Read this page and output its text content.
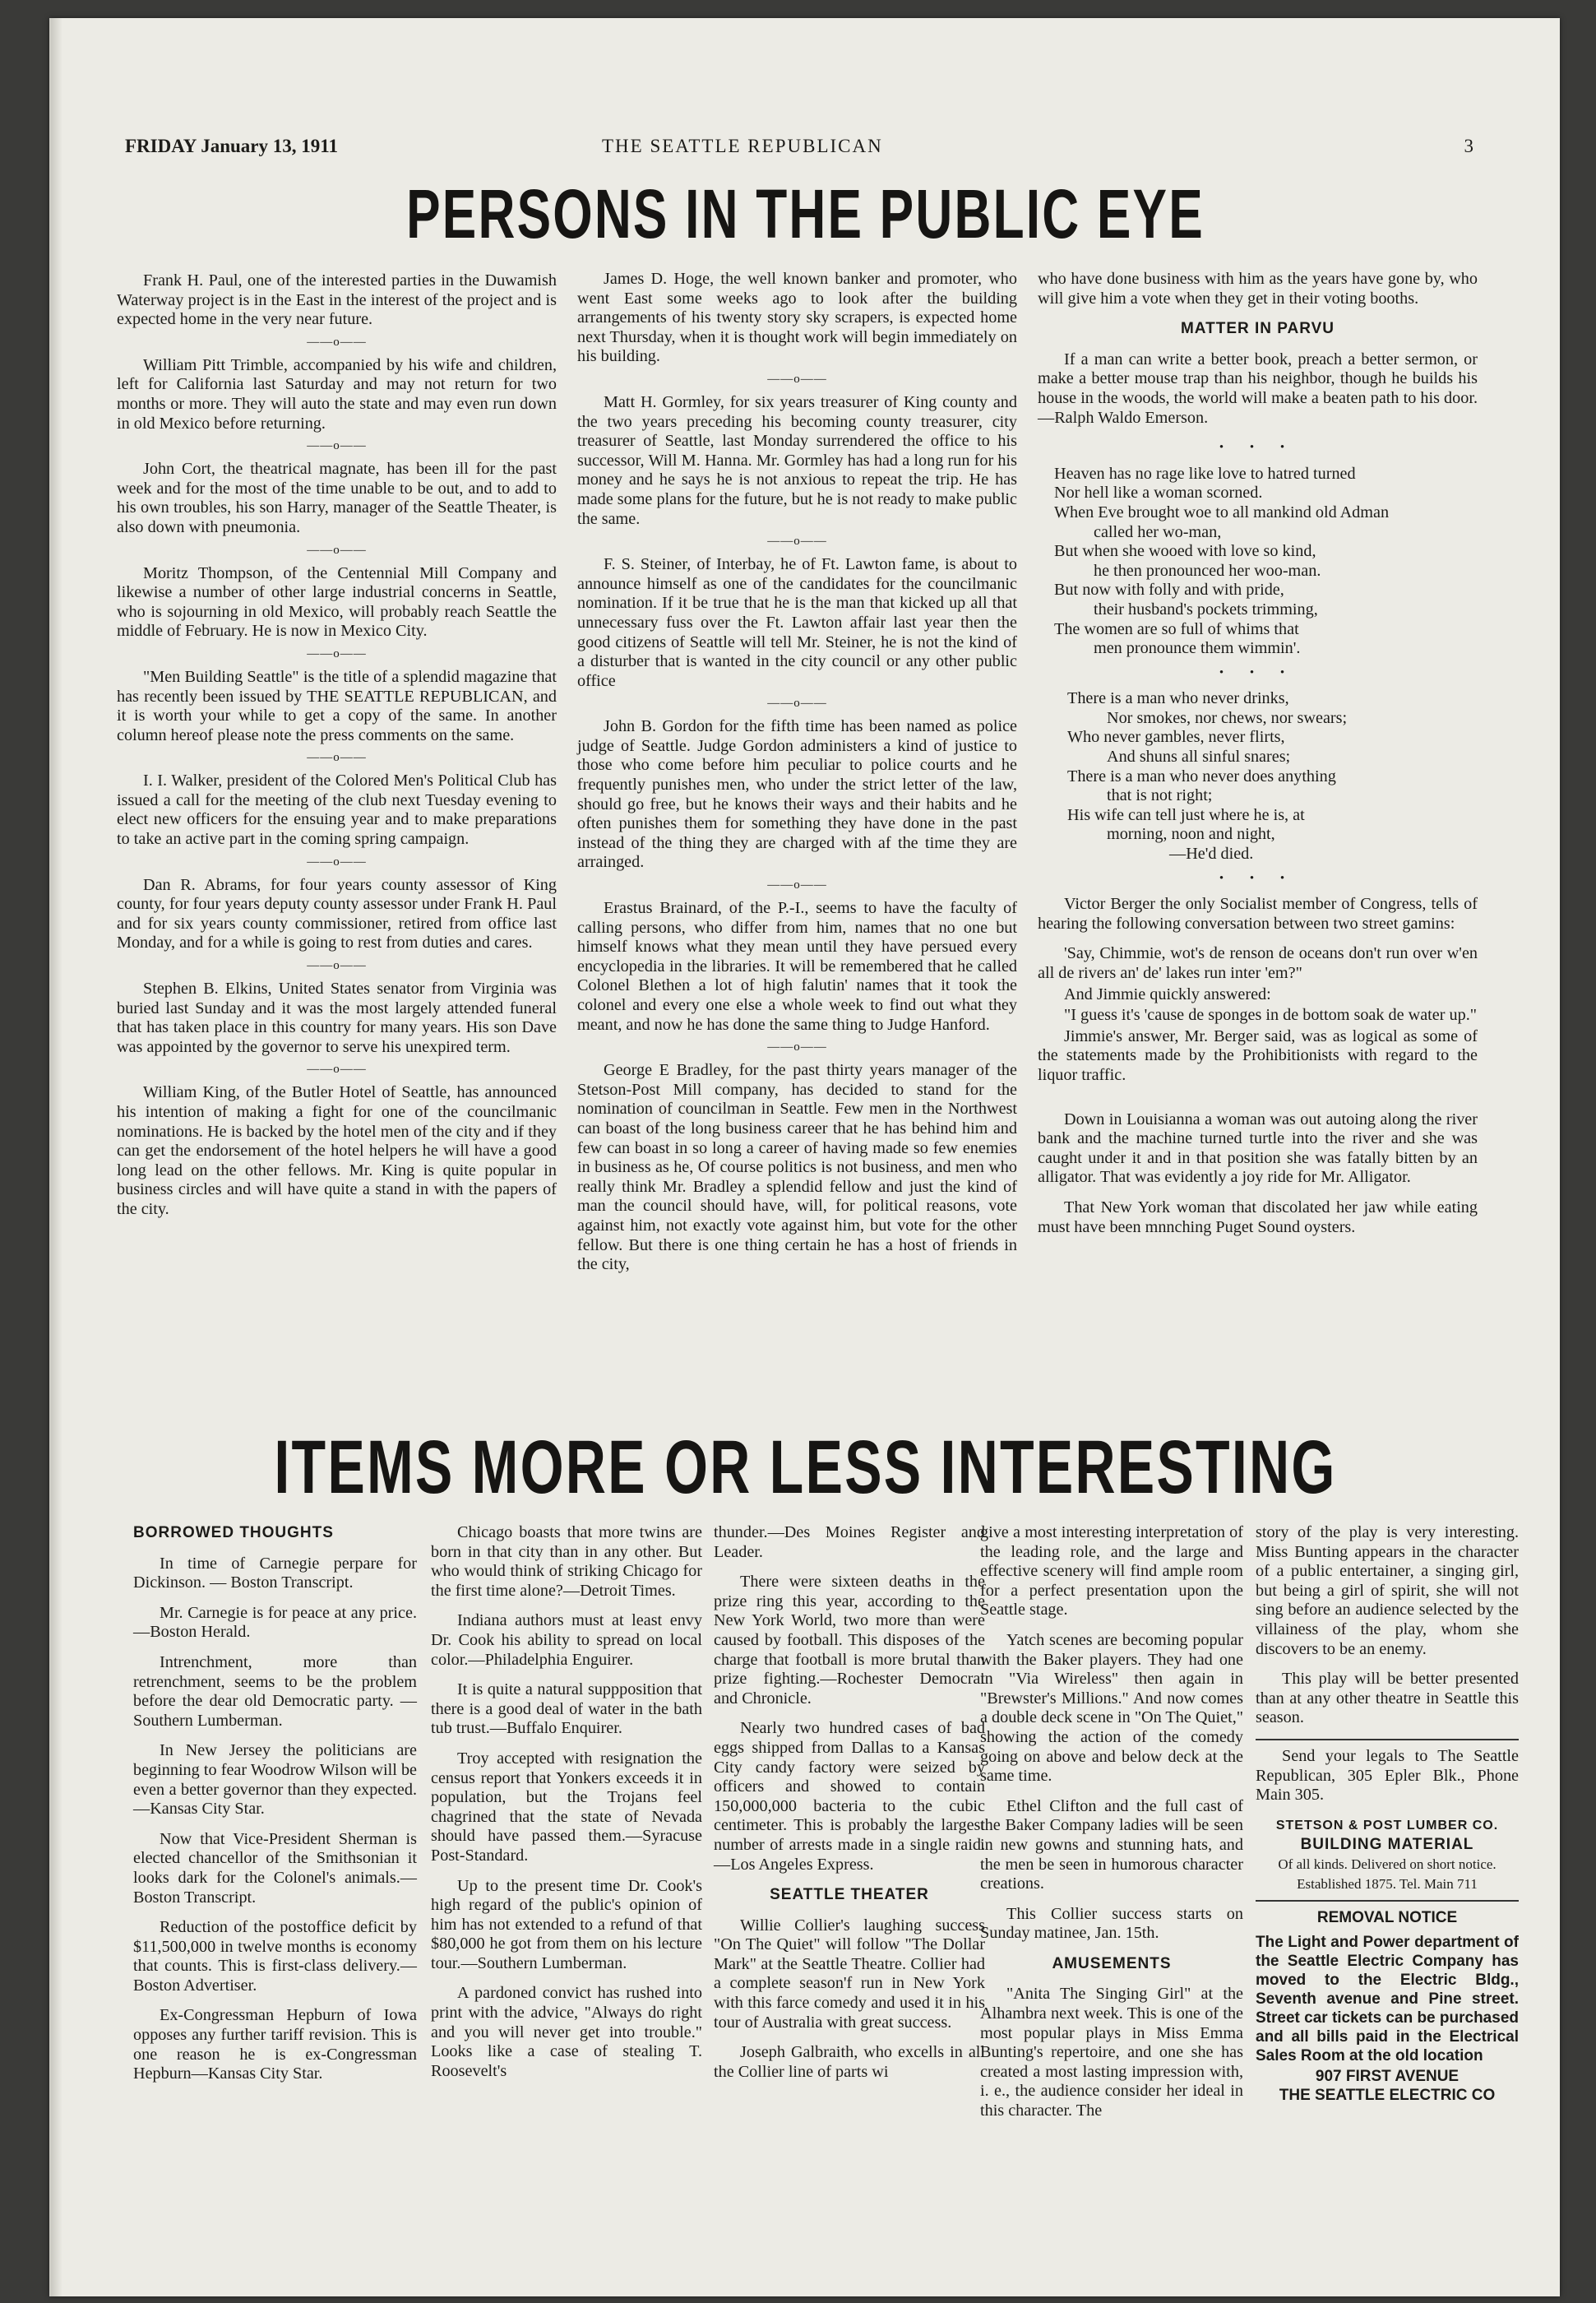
FRIDAY January 13, 1911	THE SEATTLE REPUBLICAN	3
PERSONS IN THE PUBLIC EYE

Frank H. Paul, one of the interested parties in the Duwamish Waterway project is in the East in the interest of the project and is expected home in the very near future.

——o——

William Pitt Trimble, accompanied by his wife and children, left for California last Saturday and may not return for two months or more. They will auto the state and may even run down in old Mexico before returning.

——o——

John Cort, the theatrical magnate, has been ill for the past week and for the most of the time unable to be out, and to add to his own troubles, his son Harry, manager of the Seattle Theater, is also down with pneumonia.

——o——

Moritz Thompson, of the Centennial Mill Company and likewise a number of other large industrial concerns in Seattle, who is sojourning in old Mexico, will probably reach Seattle the middle of February. He is now in Mexico City.

——o——

"Men Building Seattle" is the title of a splendid magazine that has recently been issued by THE SEATTLE REPUBLICAN, and it is worth your while to get a copy of the same. In another column hereof please note the press comments on the same.

——o——

I. I. Walker, president of the Colored Men's Political Club has issued a call for the meeting of the club next Tuesday evening to elect new officers for the ensuing year and to make preparations to take an active part in the coming spring campaign.

——o——

Dan R. Abrams, for four years county assessor of King county, for four years deputy county assessor under Frank H. Paul and for six years county commissioner, retired from office last Monday, and for a while is going to rest from duties and cares.

——o——

Stephen B. Elkins, United States senator from Virginia was buried last Sunday and it was the most largely attended funeral that has taken place in this country for many years. His son Dave was appointed by the governor to serve his unexpired term.

——o——

William King, of the Butler Hotel of Seattle, has announced his intention of making a fight for one of the councilmanic nominations. He is backed by the hotel men of the city and if they can get the endorsement of the hotel helpers he will have a good long lead on the other fellows. Mr. King is quite popular in business circles and will have quite a stand in with the papers of the city.

James D. Hoge, the well known banker and promoter, who went East some weeks ago to look after the building arrangements of his twenty story sky scrapers, is expected home next Thursday, when it is thought work will begin immediately on his building.

——o——

Matt H. Gormley, for six years treasurer of King county and the two years preceding his becoming county treasurer, city treasurer of Seattle, last Monday surrendered the office to his successor, Will M. Hanna. Mr. Gormley has had a long run for his money and he says he is not anxious to repeat the trip. He has made some plans for the future, but he is not ready to make public the same.

——o——

F. S. Steiner, of Interbay, he of Ft. Lawton fame, is about to announce himself as one of the candidates for the councilmanic nomination. If it be true that he is the man that kicked up all that unnecessary fuss over the Ft. Lawton affair last year then the good citizens of Seattle will tell Mr. Steiner, he is not the kind of a disturber that is wanted in the city council or any other public office

——o——

John B. Gordon for the fifth time has been named as police judge of Seattle. Judge Gordon administers a kind of justice to those who come before him peculiar to police courts and he frequently punishes men, who under the strict letter of the law, should go free, but he knows their ways and their habits and he often punishes them for something they have done in the past instead of the thing they are charged with af the time they are arrainged.

——o——

Erastus Brainard, of the P.-I., seems to have the faculty of calling persons, who differ from him, names that no one but himself knows what they mean until they have persued every encyclopedia in the libraries. It will be remembered that he called Colonel Blethen a lot of high falutin' names that it took the colonel and every one else a whole week to find out what they meant, and now he has done the same thing to Judge Hanford.

——o——

George E Bradley, for the past thirty years manager of the Stetson-Post Mill company, has decided to stand for the nomination of councilman in Seattle. Few men in the Northwest can boast of the long business career that he has behind him and few can boast in so long a career of having made so few enemies in business as he, Of course politics is not business, and men who really think Mr. Bradley a splendid fellow and just the kind of man the council should have, will, for political reasons, vote against him, not exactly vote against him, but vote for the other fellow. But there is one thing certain he has a host of friends in the city,

who have done business with him as the years have gone by, who will give him a vote when they get in their voting booths.

MATTER IN PARVU

If a man can write a better book, preach a better sermon, or make a better mouse trap than his neighbor, though he builds his house in the woods, the world will make a beaten path to his door.—Ralph Waldo Emerson.

• • •
Heaven has no rage like love to hatred turned
Nor hell like a woman scorned.
When Eve brought woe to all mankind old Adman
called her wo-man,
But when she wooed with love so kind,
he then pronounced her woo-man.
But now with folly and with pride,
their husband's pockets trimming,
The women are so full of whims that
men pronounce them wimmin'.
• • •
There is a man who never drinks,
Nor smokes, nor chews, nor swears;
Who never gambles, never flirts,
And shuns all sinful snares;
There is a man who never does anything
that is not right;
His wife can tell just where he is, at
morning, noon and night,
—He'd died.
• • •

Victor Berger the only Socialist member of Congress, tells of hearing the following conversation between two street gamins:

'Say, Chimmie, wot's de renson de oceans don't run over w'en all de rivers an' de' lakes run inter 'em?"

And Jimmie quickly answered:

"I guess it's 'cause de sponges in de bottom soak de water up."

Jimmie's answer, Mr. Berger said, was as logical as some of the statements made by the Prohibitionists with regard to the liquor traffic.

Down in Louisianna a woman was out autoing along the river bank and the machine turned turtle into the river and she was caught under it and in that position she was fatally bitten by an alligator. That was evidently a joy ride for Mr. Alligator.

That New York woman that discolated her jaw while eating must have been mnnching Puget Sound oysters.

ITEMS MORE OR LESS INTERESTING
BORROWED THOUGHTS

In time of Carnegie perpare for Dickinson. — Boston Transcript.

Mr. Carnegie is for peace at any price.—Boston Herald.

Intrenchment, more than retrenchment, seems to be the problem before the dear old Democratic party. — Southern Lumberman.

In New Jersey the politicians are beginning to fear Woodrow Wilson will be even a better governor than they expected.—Kansas City Star.

Now that Vice-President Sherman is elected chancellor of the Smithsonian it looks dark for the Colonel's animals.—Boston Transcript.

Reduction of the postoffice deficit by $11,500,000 in twelve months is economy that counts. This is first-class delivery.—Boston Advertiser.

Ex-Congressman Hepburn of Iowa opposes any further tariff revision. This is one reason he is ex-Congressman Hepburn—Kansas City Star.

Chicago boasts that more twins are born in that city than in any other. But who would think of striking Chicago for the first time alone?—Detroit Times.

Indiana authors must at least envy Dr. Cook his ability to spread on local color.—Philadelphia Enguirer.

It is quite a natural suppposition that there is a good deal of water in the bath tub trust.—Buffalo Enquirer.

Troy accepted with resignation the census report that Yonkers exceeds it in population, but the Trojans feel chagrined that the state of Nevada should have passed them.—Syracuse Post-Standard.

Up to the present time Dr. Cook's high regard of the public's opinion of him has not extended to a refund of that $80,000 he got from them on his lecture tour.—Southern Lumberman.

A pardoned convict has rushed into print with the advice, "Always do right and you will never get into trouble." Looks like a case of stealing T. Roosevelt's

thunder.—Des Moines Register and Leader.

There were sixteen deaths in the prize ring this year, according to the New York World, two more than were caused by football. This disposes of the charge that football is more brutal than prize fighting.—Rochester Democrat and Chronicle.

Nearly two hundred cases of bad eggs shipped from Dallas to a Kansas City candy factory were seized by officers and showed to contain 150,000,000 bacteria to the cubic centimeter. This is probably the largest number of arrests made in a single raid. —Los Angeles Express.

SEATTLE THEATER

Willie Collier's laughing success "On The Quiet" will follow "The Dollar Mark" at the Seattle Theatre. Collier had a complete season'f run in New York with this farce comedy and used it in his tour of Australia with great success.

Joseph Galbraith, who excells in all the Collier line of parts wi

give a most interesting interpretation of the leading role, and the large and effective scenery will find ample room for a perfect presentation upon the Seattle stage.

Yatch scenes are becoming popular with the Baker players. They had one in "Via Wireless" then again in "Brewster's Millions." And now comes a double deck scene in "On The Quiet," showing the action of the comedy going on above and below deck at the same time.

Ethel Clifton and the full cast of the Baker Company ladies will be seen in new gowns and stunning hats, and the men be seen in humorous character creations.

This Collier success starts on Sunday matinee, Jan. 15th.

AMUSEMENTS

"Anita The Singing Girl" at the Alhambra next week. This is one of the most popular plays in Miss Emma Bunting's repertoire, and one she has created a most lasting impression with, i. e., the audience consider her ideal in this character. The

story of the play is very interesting. Miss Bunting appears in the character of a public entertainer, a singing girl, but being a girl of spirit, she will not sing before an audience selected by the villainess of the play, whom she discovers to be an enemy.

This play will be better presented than at any other theatre in Seattle this season.

Send your legals to The Seattle Republican, 305 Epler Blk., Phone Main 305.

STETSON & POST LUMBER CO.
BUILDING MATERIAL
Of all kinds. Delivered on short notice.
Established 1875. Tel. Main 711
REMOVAL NOTICE

The Light and Power department of the Seattle Electric Company has moved to the Electric Bldg., Seventh avenue and Pine street. Street car tickets can be purchased and all bills paid in the Electrical Sales Room at the old location

907 FIRST AVENUE
THE SEATTLE ELECTRIC CO
